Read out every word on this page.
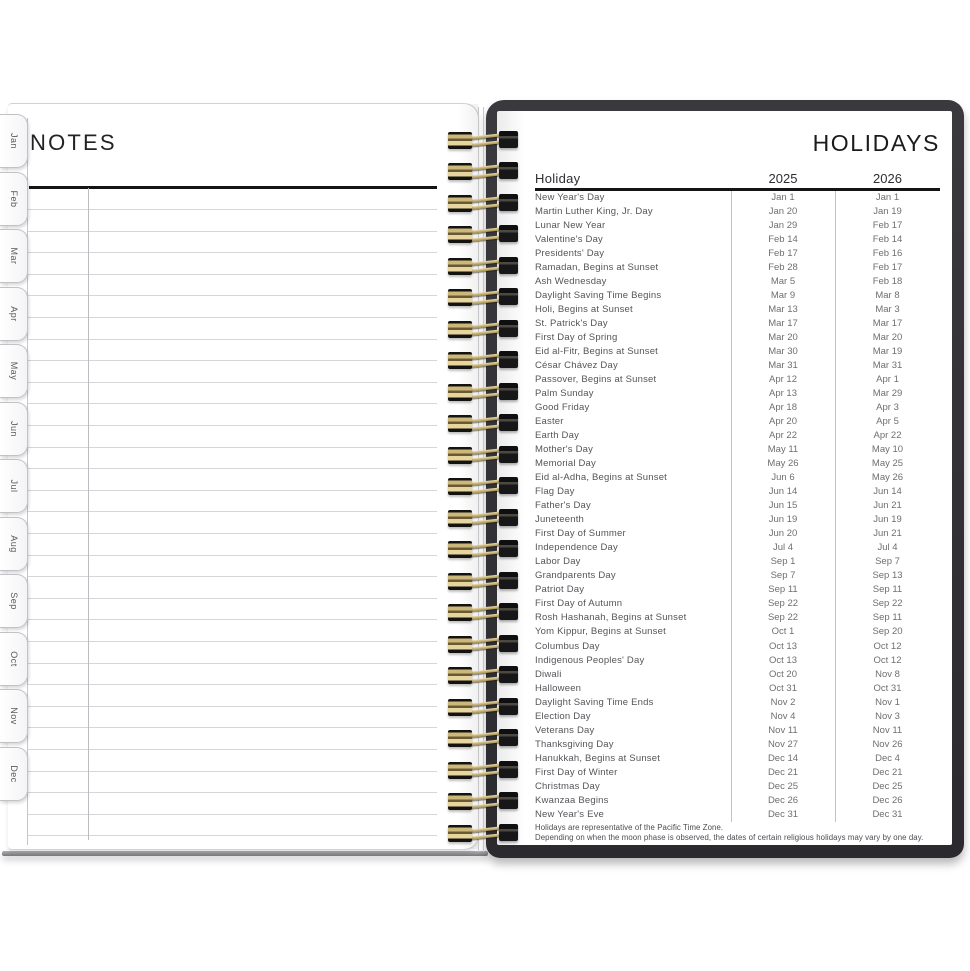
HOLIDAYS
Holiday	2025	2026
New Year's Day	Jan 1	Jan 1
Martin Luther King, Jr. Day	Jan 20	Jan 19
Lunar New Year	Jan 29	Feb 17
Valentine's Day	Feb 14	Feb 14
Presidents' Day	Feb 17	Feb 16
Ramadan, Begins at Sunset	Feb 28	Feb 17
Ash Wednesday	Mar 5	Feb 18
Daylight Saving Time Begins	Mar 9	Mar 8
Holi, Begins at Sunset	Mar 13	Mar 3
St. Patrick's Day	Mar 17	Mar 17
First Day of Spring	Mar 20	Mar 20
Eid al-Fitr, Begins at Sunset	Mar 30	Mar 19
César Chávez Day	Mar 31	Mar 31
Passover, Begins at Sunset	Apr 12	Apr 1
Palm Sunday	Apr 13	Mar 29
Good Friday	Apr 18	Apr 3
Easter	Apr 20	Apr 5
Earth Day	Apr 22	Apr 22
Mother's Day	May 11	May 10
Memorial Day	May 26	May 25
Eid al-Adha, Begins at Sunset	Jun 6	May 26
Flag Day	Jun 14	Jun 14
Father's Day	Jun 15	Jun 21
Juneteenth	Jun 19	Jun 19
First Day of Summer	Jun 20	Jun 21
Independence Day	Jul 4	Jul 4
Labor Day	Sep 1	Sep 7
Grandparents Day	Sep 7	Sep 13
Patriot Day	Sep 11	Sep 11
First Day of Autumn	Sep 22	Sep 22
Rosh Hashanah, Begins at Sunset	Sep 22	Sep 11
Yom Kippur, Begins at Sunset	Oct 1	Sep 20
Columbus Day	Oct 13	Oct 12
Indigenous Peoples' Day	Oct 13	Oct 12
Diwali	Oct 20	Nov 8
Halloween	Oct 31	Oct 31
Daylight Saving Time Ends	Nov 2	Nov 1
Election Day	Nov 4	Nov 3
Veterans Day	Nov 11	Nov 11
Thanksgiving Day	Nov 27	Nov 26
Hanukkah, Begins at Sunset	Dec 14	Dec 4
First Day of Winter	Dec 21	Dec 21
Christmas Day	Dec 25	Dec 25
Kwanzaa Begins	Dec 26	Dec 26
New Year's Eve	Dec 31	Dec 31
Holidays are representative of the Pacific Time Zone.
Depending on when the moon phase is observed, the dates of certain religious holidays may vary by one day.
NOTES
Jan
Feb
Mar
Apr
May
Jun
Jul
Aug
Sep
Oct
Nov
Dec
